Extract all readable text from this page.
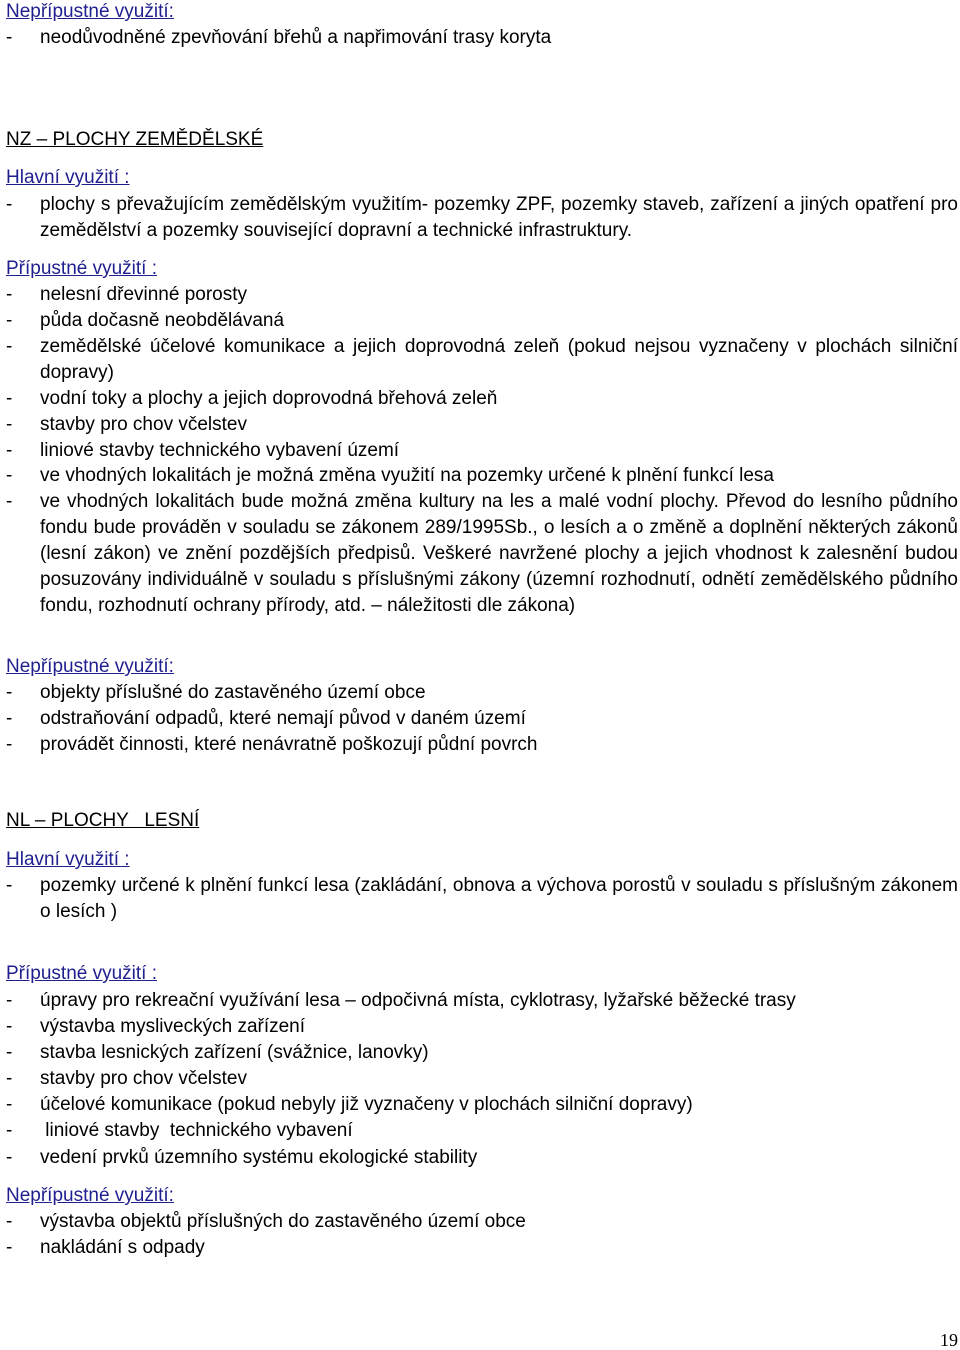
Nepřípustné využití:

- neodůvodněné zpevňování břehů a napřimování trasy koryta

NZ – PLOCHY ZEMĚDĚLSKÉ

Hlavní využití :

- plochy s převažujícím zemědělským využitím- pozemky ZPF, pozemky staveb, zařízení a jiných opatření pro zemědělství a pozemky související dopravní a technické infrastruktury.

Přípustné využití :

- nelesní dřevinné porosty

- půda dočasně neobdělávaná

- zemědělské účelové komunikace a jejich doprovodná zeleň (pokud nejsou vyznačeny v plochách silniční dopravy)

- vodní toky a plochy a jejich doprovodná břehová zeleň

- stavby pro chov včelstev

- liniové stavby technického vybavení území

- ve vhodných lokalitách je možná změna využití na pozemky určené k plnění funkcí lesa

- ve vhodných lokalitách bude možná změna kultury na les a malé vodní plochy. Převod do lesního půdního fondu bude prováděn v souladu se zákonem 289/1995Sb., o lesích a o změně a doplnění některých zákonů (lesní zákon) ve znění pozdějších předpisů. Veškeré navržené plochy a jejich vhodnost k zalesnění budou posuzovány individuálně v souladu s příslušnými zákony (územní rozhodnutí, odnětí zemědělského půdního fondu, rozhodnutí ochrany přírody, atd. – náležitosti dle zákona)

Nepřípustné využití:

- objekty příslušné do zastavěného území obce

- odstraňování odpadů, které nemají původ v daném území

- provádět činnosti, které nenávratně poškozují půdní povrch

NL – PLOCHY   LESNÍ

Hlavní využití :

- pozemky určené k plnění funkcí lesa (zakládání, obnova a výchova porostů v souladu s příslušným zákonem o lesích )

Přípustné využití :

- úpravy pro rekreační využívání lesa – odpočivná místa, cyklotrasy, lyžařské běžecké trasy

- výstavba mysliveckých zařízení

- stavba lesnických zařízení (svážnice, lanovky)

- stavby pro chov včelstev

- účelové komunikace (pokud nebyly již vyznačeny v plochách silniční dopravy)

- liniové stavby  technického vybavení

- vedení prvků územního systému ekologické stability

Nepřípustné využití:

- výstavba objektů příslušných do zastavěného území obce

- nakládání s odpady

19
